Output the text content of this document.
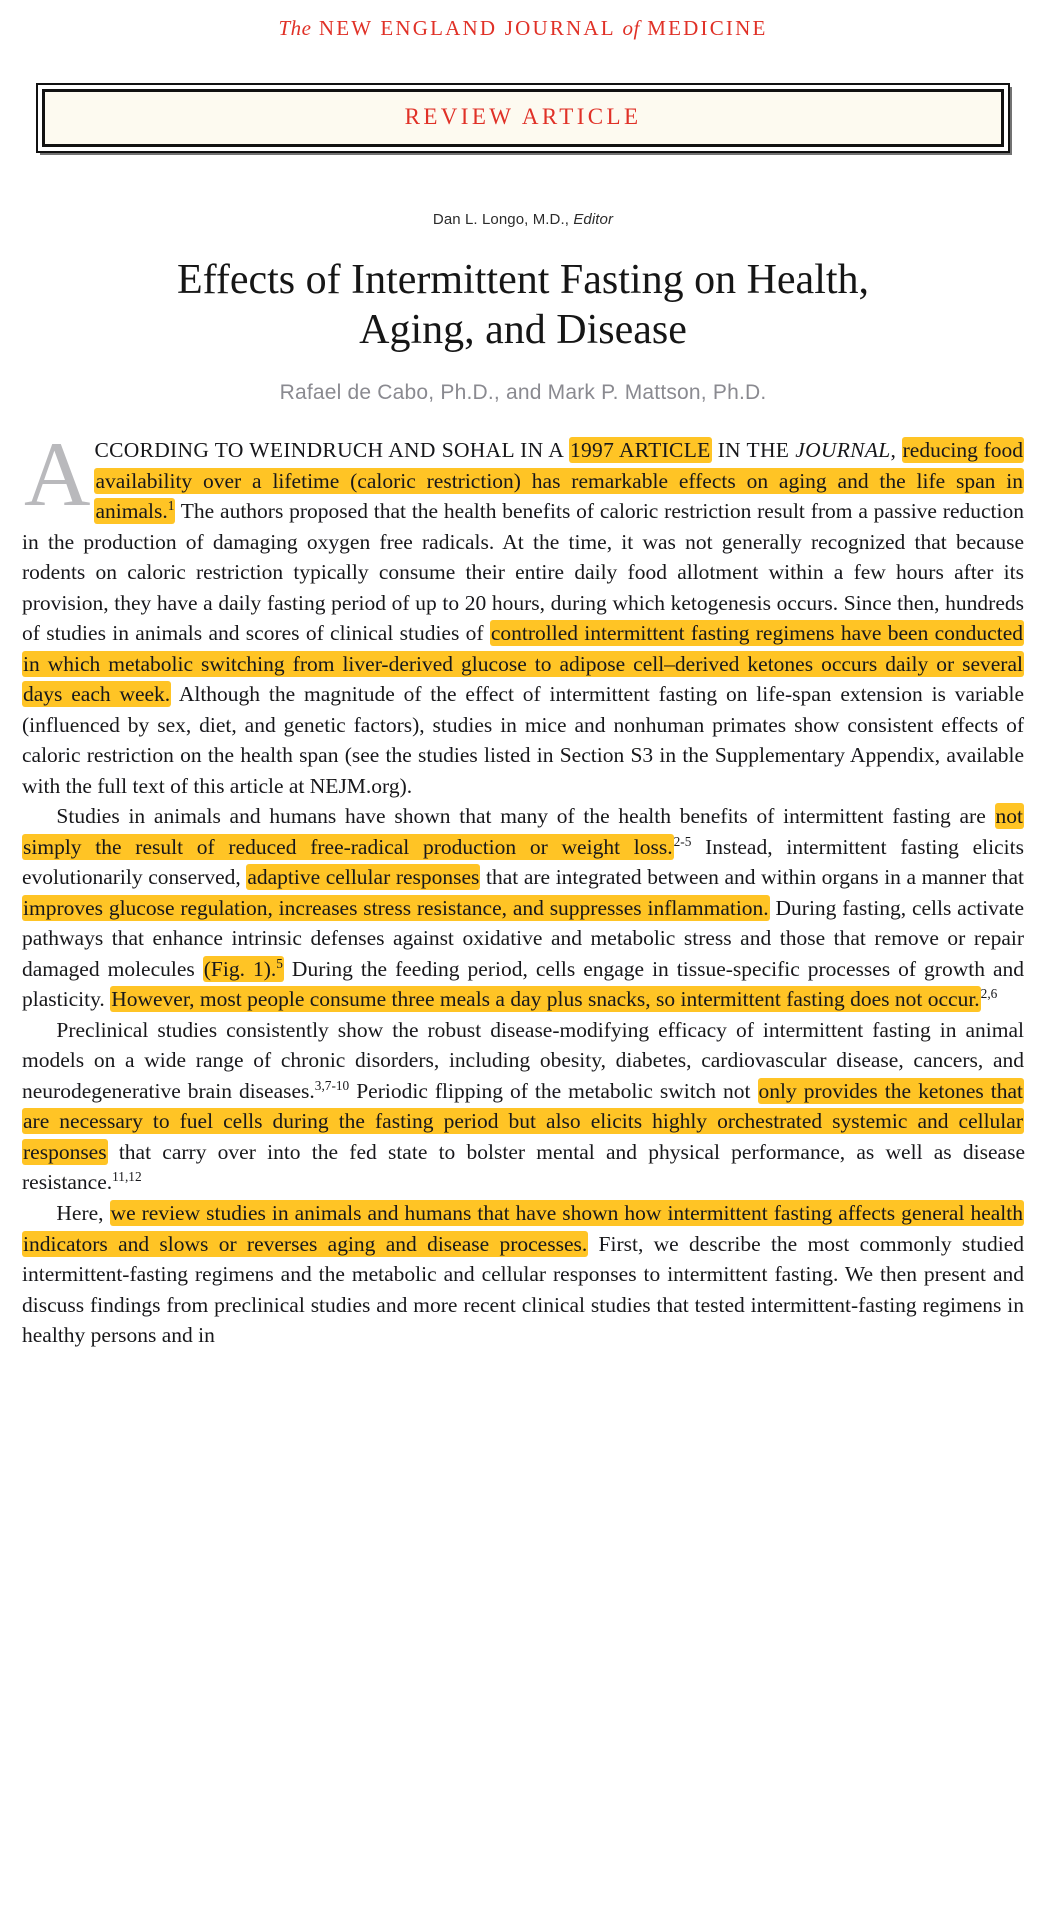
The NEW ENGLAND JOURNAL of MEDICINE
REVIEW ARTICLE
Dan L. Longo, M.D., Editor
Effects of Intermittent Fasting on Health,
Aging, and Disease
Rafael de Cabo, Ph.D., and Mark P. Mattson, Ph.D.

ACCORDING TO WEINDRUCH AND SOHAL IN A 1997 ARTICLE IN THE JOURNAL, reducing food availability over a lifetime (caloric restriction) has remarkable effects on aging and the life span in animals.$^1$ The authors proposed that the health benefits of caloric restriction result from a passive reduction in the production of damaging oxygen free radicals. At the time, it was not generally recognized that because rodents on caloric restriction typically consume their entire daily food allotment within a few hours after its provision, they have a daily fasting period of up to 20 hours, during which ketogenesis occurs. Since then, hundreds of studies in animals and scores of clinical studies of controlled intermittent fasting regimens have been conducted in which metabolic switching from liver-derived glucose to adipose cell–derived ketones occurs daily or several days each week. Although the magnitude of the effect of intermittent fasting on life-span extension is variable (influenced by sex, diet, and genetic factors), studies in mice and nonhuman primates show consistent effects of caloric restriction on the health span (see the studies listed in Section S3 in the Supplementary Appendix, available with the full text of this article at NEJM.org).

Studies in animals and humans have shown that many of the health benefits of intermittent fasting are not simply the result of reduced free-radical production or weight loss.$^{2-5}$ Instead, intermittent fasting elicits evolutionarily conserved, adaptive cellular responses that are integrated between and within organs in a manner that improves glucose regulation, increases stress resistance, and suppresses inflammation. During fasting, cells activate pathways that enhance intrinsic defenses against oxidative and metabolic stress and those that remove or repair damaged molecules (Fig. 1).$^5$ During the feeding period, cells engage in tissue-specific processes of growth and plasticity. However, most people consume three meals a day plus snacks, so intermittent fasting does not occur.$^{2,6}$

Preclinical studies consistently show the robust disease-modifying efficacy of intermittent fasting in animal models on a wide range of chronic disorders, including obesity, diabetes, cardiovascular disease, cancers, and neurodegenerative brain diseases.$^{3,7-10}$ Periodic flipping of the metabolic switch not only provides the ketones that are necessary to fuel cells during the fasting period but also elicits highly orchestrated systemic and cellular responses that carry over into the fed state to bolster mental and physical performance, as well as disease resistance.$^{11,12}$

Here, we review studies in animals and humans that have shown how intermittent fasting affects general health indicators and slows or reverses aging and disease processes. First, we describe the most commonly studied intermittent-fasting regimens and the metabolic and cellular responses to intermittent fasting. We then present and discuss findings from preclinical studies and more recent clinical studies that tested intermittent-fasting regimens in healthy persons and in
